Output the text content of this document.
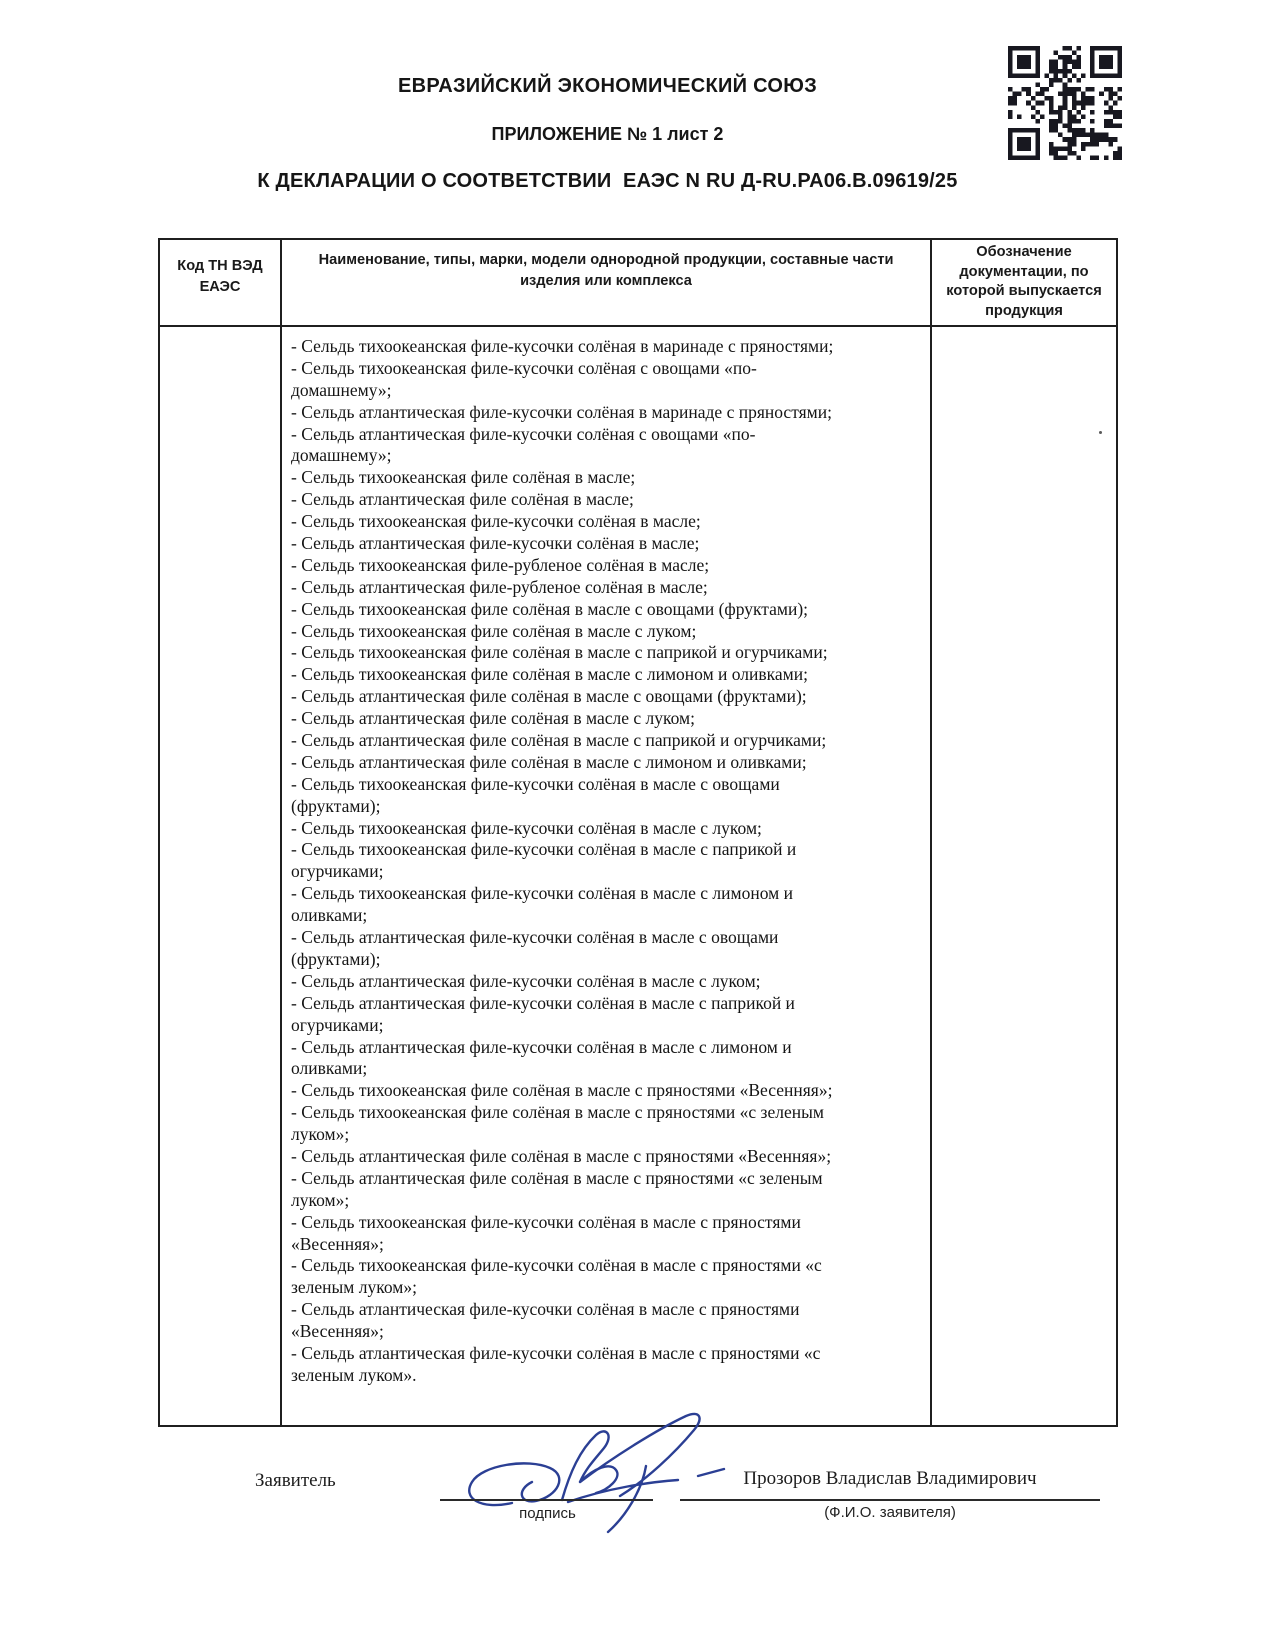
ЕВРАЗИЙСКИЙ ЭКОНОМИЧЕСКИЙ СОЮЗ
ПРИЛОЖЕНИЕ № 1 лист 2
К ДЕКЛАРАЦИИ О СООТВЕТСТВИИ  ЕАЭС N RU Д-RU.РА06.В.09619/25
Код ТН ВЭД ЕАЭС
Наименование, типы, марки, модели однородной продукции, составные части изделия или комплекса
Обозначение документации, по которой выпускается продукция
- Сельдь тихоокеанская филе-кусочки солёная в маринаде с пряностями;
- Сельдь тихоокеанская филе-кусочки солёная с овощами «по-
домашнему»;
- Сельдь атлантическая филе-кусочки солёная в маринаде с пряностями;
- Сельдь атлантическая филе-кусочки солёная с овощами «по-
домашнему»;
- Сельдь тихоокеанская филе солёная в масле;
- Сельдь атлантическая филе солёная в масле;
- Сельдь тихоокеанская филе-кусочки солёная в масле;
- Сельдь атлантическая филе-кусочки солёная в масле;
- Сельдь тихоокеанская филе-рубленое солёная в масле;
- Сельдь атлантическая филе-рубленое солёная в масле;
- Сельдь тихоокеанская филе солёная в масле с овощами (фруктами);
- Сельдь тихоокеанская филе солёная в масле с луком;
- Сельдь тихоокеанская филе солёная в масле с паприкой и огурчиками;
- Сельдь тихоокеанская филе солёная в масле с лимоном и оливками;
- Сельдь атлантическая филе солёная в масле с овощами (фруктами);
- Сельдь атлантическая филе солёная в масле с луком;
- Сельдь атлантическая филе солёная в масле с паприкой и огурчиками;
- Сельдь атлантическая филе солёная в масле с лимоном и оливками;
- Сельдь тихоокеанская филе-кусочки солёная в масле с овощами
(фруктами);
- Сельдь тихоокеанская филе-кусочки солёная в масле с луком;
- Сельдь тихоокеанская филе-кусочки солёная в масле с паприкой и
огурчиками;
- Сельдь тихоокеанская филе-кусочки солёная в масле с лимоном и
оливками;
- Сельдь атлантическая филе-кусочки солёная в масле с овощами
(фруктами);
- Сельдь атлантическая филе-кусочки солёная в масле с луком;
- Сельдь атлантическая филе-кусочки солёная в масле с паприкой и
огурчиками;
- Сельдь атлантическая филе-кусочки солёная в масле с лимоном и
оливками;
- Сельдь тихоокеанская филе солёная в масле с пряностями «Весенняя»;
- Сельдь тихоокеанская филе солёная в масле с пряностями «с зеленым
луком»;
- Сельдь атлантическая филе солёная в масле с пряностями «Весенняя»;
- Сельдь атлантическая филе солёная в масле с пряностями «с зеленым
луком»;
- Сельдь тихоокеанская филе-кусочки солёная в масле с пряностями
«Весенняя»;
- Сельдь тихоокеанская филе-кусочки солёная в масле с пряностями «с
зеленым луком»;
- Сельдь атлантическая филе-кусочки солёная в масле с пряностями
«Весенняя»;
- Сельдь атлантическая филе-кусочки солёная в масле с пряностями «с
зеленым луком».
Заявитель
подпись
Прозоров Владислав Владимирович
(Ф.И.О. заявителя)
